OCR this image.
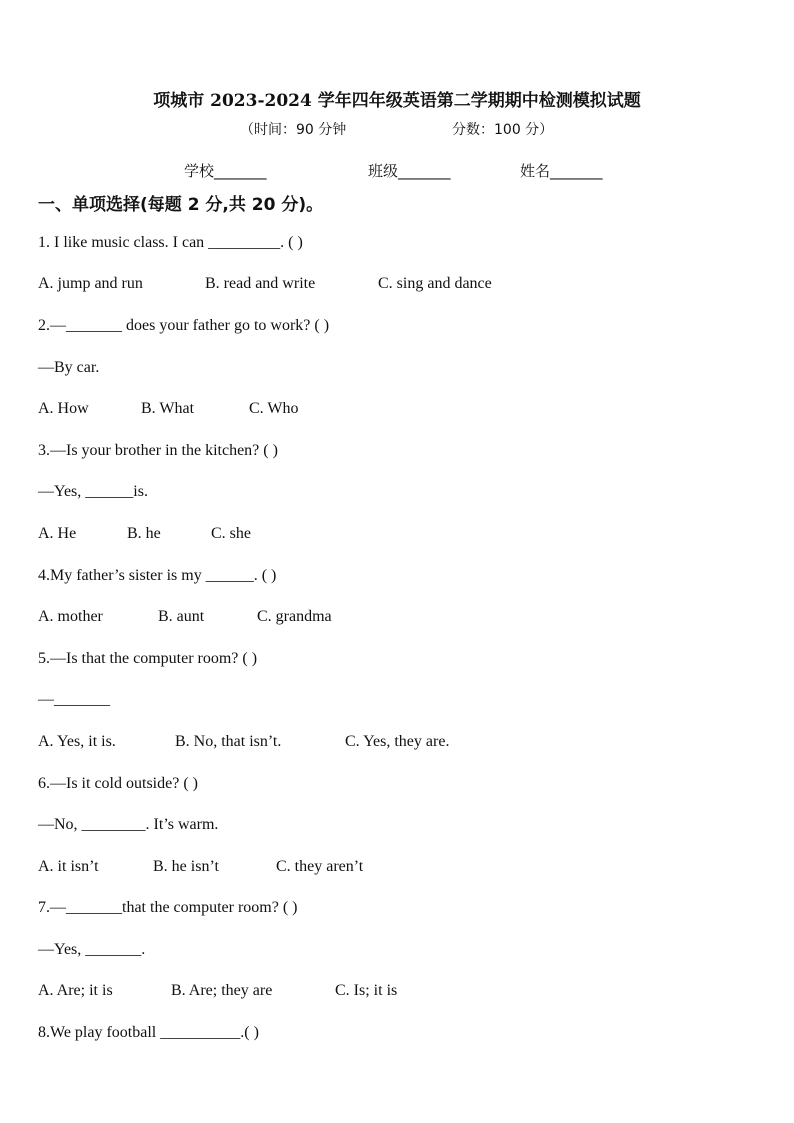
项城市 2023-2024 学年四年级英语第二学期期中检测模拟试题
（时间：90 分钟	分数：100 分）
学校_______	班级_______	姓名_______
一、单项选择(每题 2 分,共 20 分)。
1. I like music class. I can _________. ( )
A. jump and run	B. read and write	C. sing and dance
2.—_______ does your father go to work? ( )
—By car.
A. How	B. What	C. Who
3.—Is your brother in the kitchen? ( )
—Yes, ______is.
A. He	B. he	C. she
4.My father’s sister is my ______. ( )
A. mother	B. aunt	C. grandma
5.—Is that the computer room? ( )
—_______
A. Yes, it is.	B. No, that isn’t.	C. Yes, they are.
6.—Is it cold outside? ( )
—No, ________. It’s warm.
A. it isn’t	B. he isn’t	C. they aren’t
7.—_______that the computer room? ( )
—Yes, _______.
A. Are; it is	B. Are; they are	C. Is; it is
8.We play football __________.( )
